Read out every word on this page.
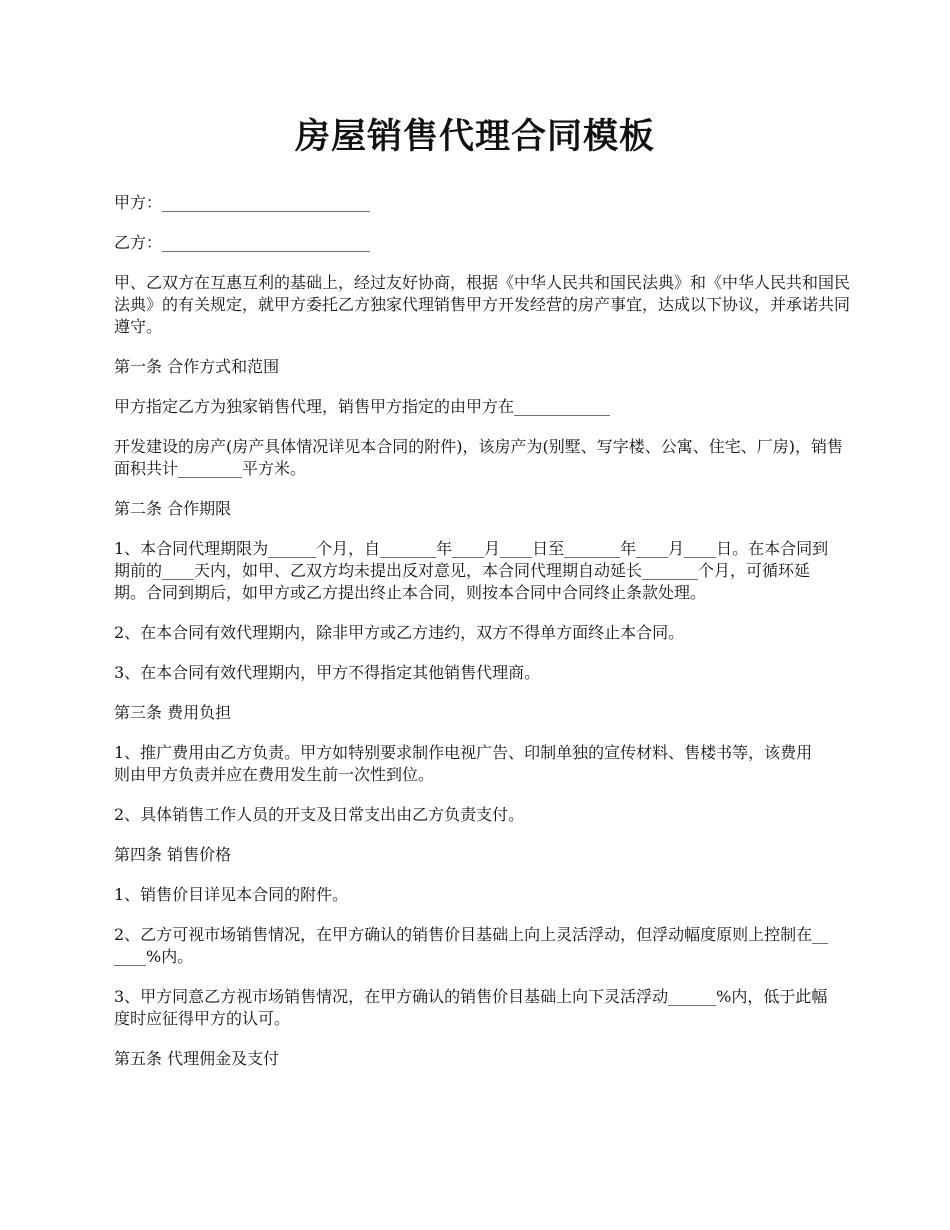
房屋销售代理合同模板

甲方：__________________________

乙方：__________________________

甲、乙双方在互惠互利的基础上，经过友好协商，根据《中华人民共和国民法典》和《中华人民共和国民法典》的有关规定，就甲方委托乙方独家代理销售甲方开发经营的房产事宜，达成以下协议，并承诺共同遵守。

第一条 合作方式和范围

甲方指定乙方为独家销售代理，销售甲方指定的由甲方在____________

开发建设的房产(房产具体情况详见本合同的附件)，该房产为(别墅、写字楼、公寓、住宅、厂房)，销售面积共计________平方米。

第二条 合作期限

1、本合同代理期限为______个月，自_______年____月____日至_______年____月____日。在本合同到期前的____天内，如甲、乙双方均未提出反对意见，本合同代理期自动延长_______个月，可循环延期。合同到期后，如甲方或乙方提出终止本合同，则按本合同中合同终止条款处理。

2、在本合同有效代理期内，除非甲方或乙方违约，双方不得单方面终止本合同。

3、在本合同有效代理期内，甲方不得指定其他销售代理商。

第三条 费用负担

1、推广费用由乙方负责。甲方如特别要求制作电视广告、印制单独的宣传材料、售楼书等，该费用则由甲方负责并应在费用发生前一次性到位。

2、具体销售工作人员的开支及日常支出由乙方负责支付。

第四条 销售价格

1、销售价目详见本合同的附件。

2、乙方可视市场销售情况，在甲方确认的销售价目基础上向上灵活浮动，但浮动幅度原则上控制在______%内。

3、甲方同意乙方视市场销售情况，在甲方确认的销售价目基础上向下灵活浮动______%内，低于此幅度时应征得甲方的认可。

第五条 代理佣金及支付
